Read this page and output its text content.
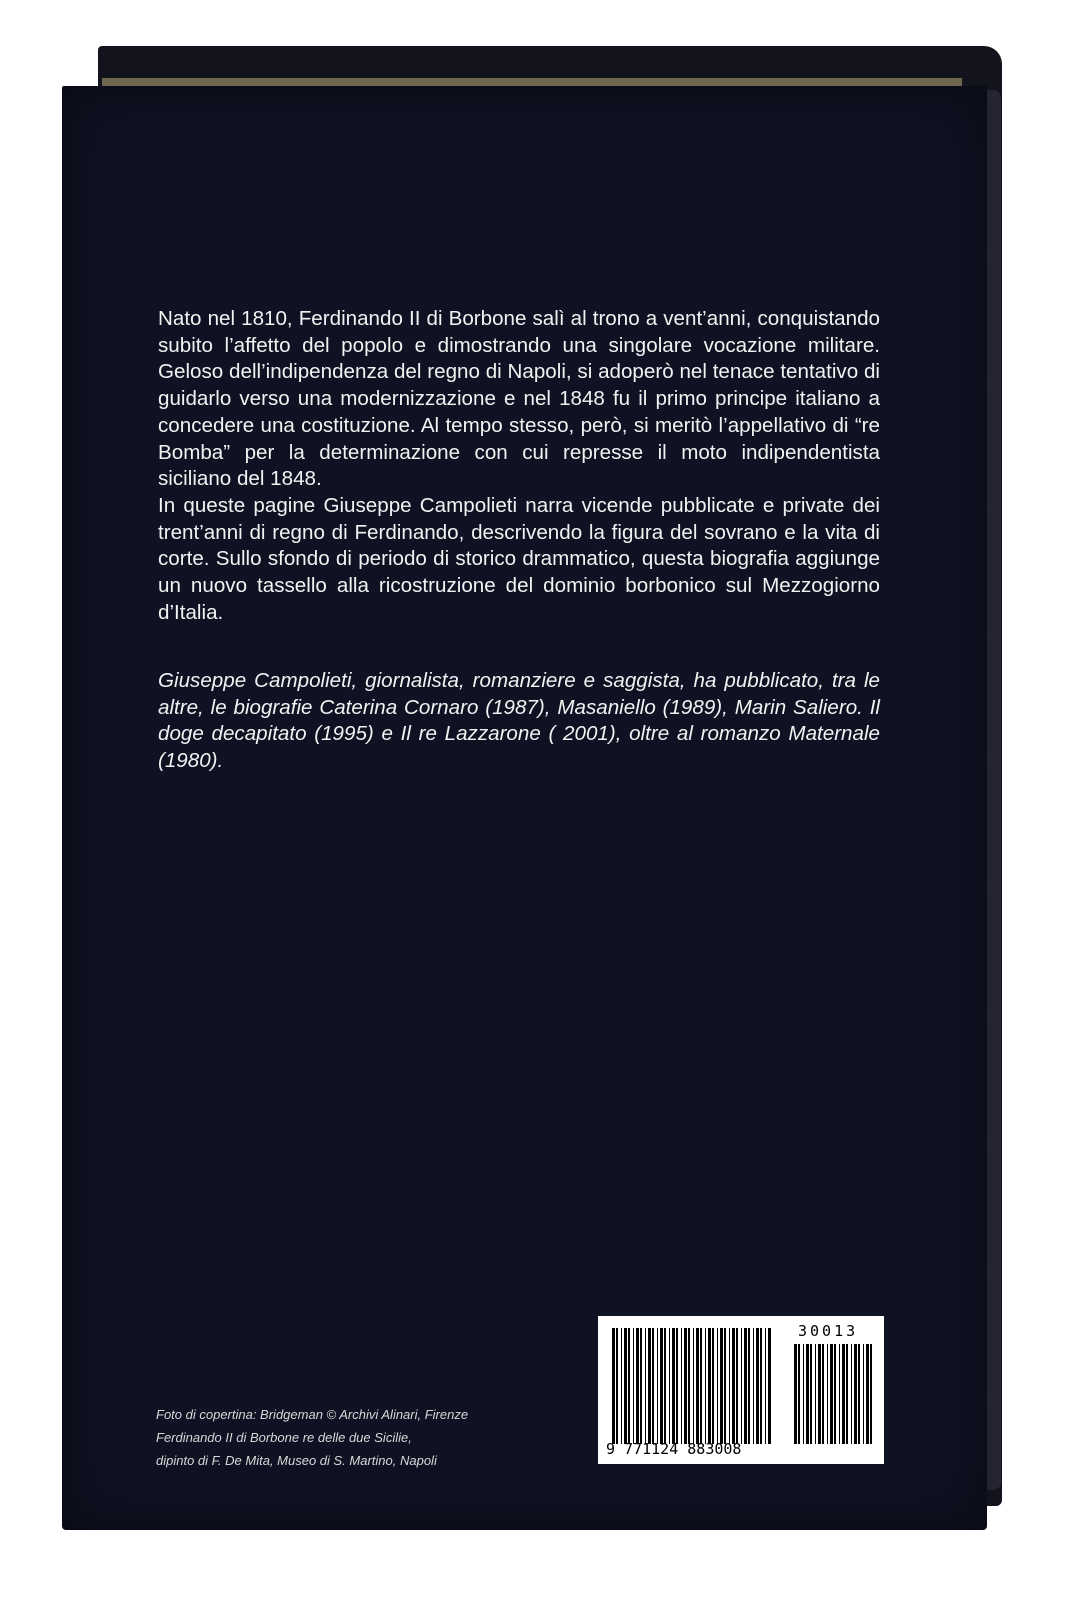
Nato nel 1810, Ferdinando II di Borbone salì al trono a vent’anni, conquistando subito l’affetto del popolo e dimostrando una singolare vocazione militare. Geloso dell’indipendenza del regno di Napoli, si adoperò nel tenace tentativo di guidarlo verso una modernizzazione e nel 1848 fu il primo principe italiano a concedere una costituzione. Al tempo stesso, però, si meritò l’appellativo di “re Bomba” per la determinazione con cui represse il moto indipendentista siciliano del 1848.

In queste pagine Giuseppe Campolieti narra vicende pubblicate e private dei trent’anni di regno di Ferdinando, descrivendo la figura del sovrano e la vita di corte. Sullo sfondo di periodo di storico drammatico, questa biografia aggiunge un nuovo tassello alla ricostruzione del dominio borbonico sul Mezzogiorno d’Italia.

Giuseppe Campolieti, giornalista, romanziere e saggista, ha pubblicato, tra le altre, le biografie Caterina Cornaro (1987), Masaniello (1989), Marin Saliero. Il doge decapitato (1995) e Il re Lazzarone ( 2001), oltre al romanzo Maternale (1980).
Foto di copertina: Bridgeman © Archivi Alinari, Firenze
Ferdinando II di Borbone re delle due Sicilie,
dipinto di F. De Mita, Museo di S. Martino, Napoli
30013
9 771124 883008
